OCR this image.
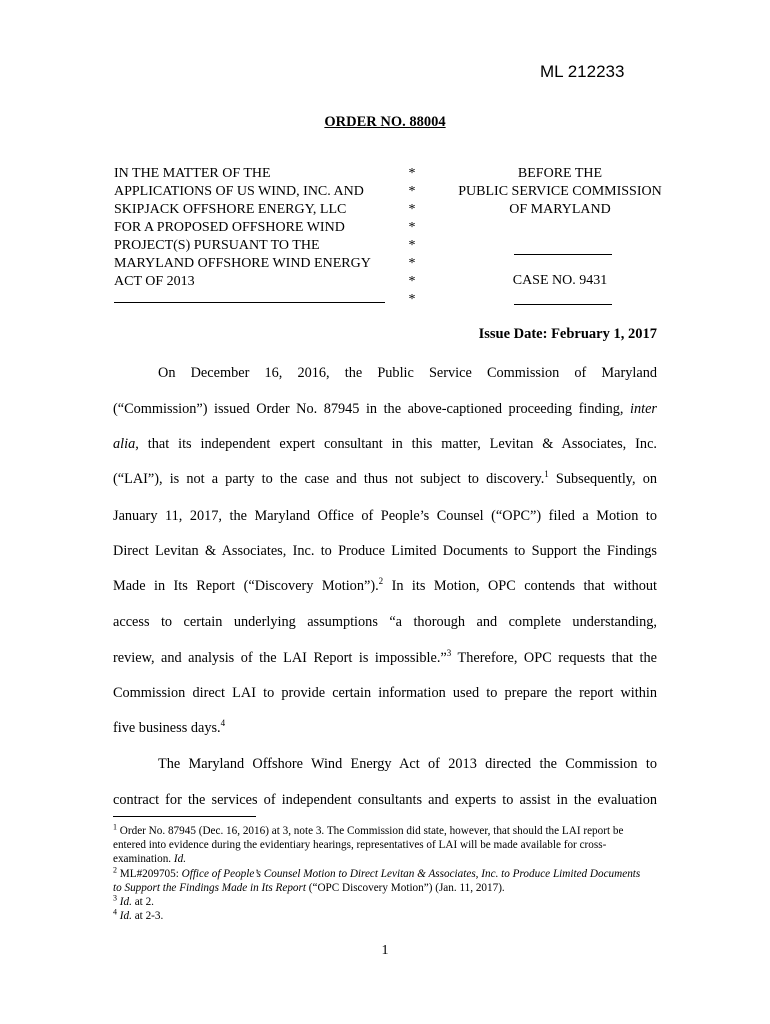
ML 212233
ORDER NO. 88004
IN THE MATTER OF THE
APPLICATIONS OF US WIND, INC. AND
SKIPJACK OFFSHORE ENERGY, LLC
FOR A PROPOSED OFFSHORE WIND
PROJECT(S) PURSUANT TO THE
MARYLAND OFFSHORE WIND ENERGY
ACT OF 2013
*
*
*
*
*
*
*
*
BEFORE THE
PUBLIC SERVICE COMMISSION
OF MARYLAND
CASE NO. 9431
Issue Date: February 1, 2017
On December 16, 2016, the Public Service Commission of Maryland
(“Commission”) issued Order No. 87945 in the above-captioned proceeding finding, inter
alia, that its independent expert consultant in this matter, Levitan & Associates, Inc.
(“LAI”), is not a party to the case and thus not subject to discovery.$^1$ Subsequently, on
January 11, 2017, the Maryland Office of People’s Counsel (“OPC”) filed a Motion to
Direct Levitan & Associates, Inc. to Produce Limited Documents to Support the Findings
Made in Its Report (“Discovery Motion”).$^2$ In its Motion, OPC contends that without
access to certain underlying assumptions “a thorough and complete understanding,
review, and analysis of the LAI Report is impossible.”$^3$ Therefore, OPC requests that the
Commission direct LAI to provide certain information used to prepare the report within
five business days.$^4$
The Maryland Offshore Wind Energy Act of 2013 directed the Commission to
contract for the services of independent consultants and experts to assist in the evaluation
$^1$ Order No. 87945 (Dec. 16, 2016) at 3, note 3. The Commission did state, however, that should the LAI report be entered into evidence during the evidentiary hearings, representatives of LAI will be made available for cross-examination. Id.
$^2$ ML#209705: Office of People’s Counsel Motion to Direct Levitan & Associates, Inc. to Produce Limited Documents to Support the Findings Made in Its Report (“OPC Discovery Motion”) (Jan. 11, 2017).
$^3$ Id. at 2.
$^4$ Id. at 2-3.
1
